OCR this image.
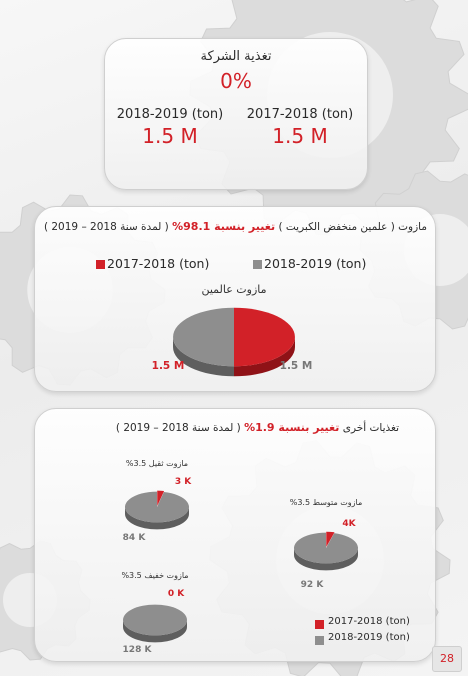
تغذية الشركة
0%
2017-2018 (ton)
1.5 M
2018-2019 (ton)
1.5 M
مازوت ( علمين منخفض الكبريت ) تغيير بنسبة 98.1% ( لمدة سنة 2018 – 2019 )
2017-2018 (ton)	2018-2019 (ton)
تغذيات أخرى تغيير بنسبة 1.9% ( لمدة سنة 2018 – 2019 )
2017-2018 (ton)
2018-2019 (ton)
مازوت عالمين
1.5 M	1.5 M
مازوت ثقيل 3.5%
3 K
84 K
مازوت متوسط 3.5%
4K
92 K
مازوت خفيف 3.5%
0 K
128 K
28
